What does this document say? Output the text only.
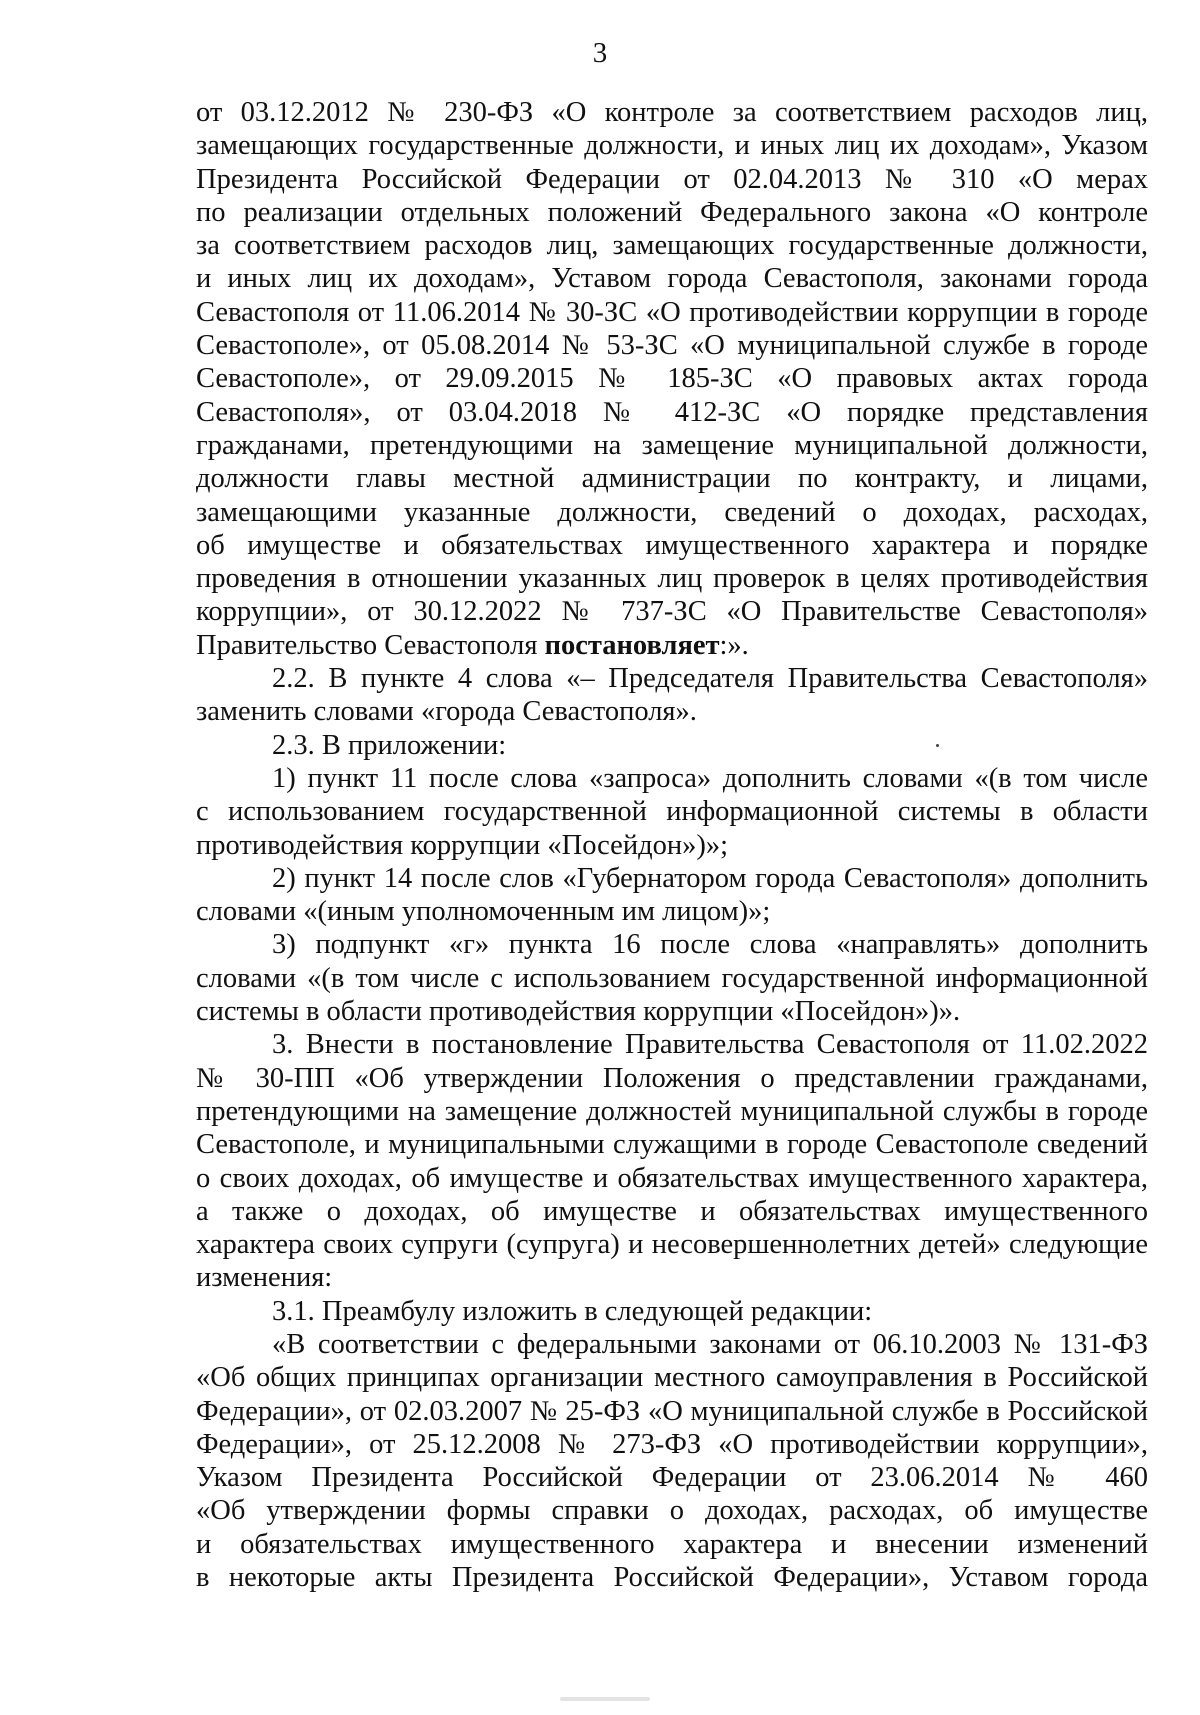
3
от 03.12.2012 № 230-ФЗ «О контроле за соответствием расходов лиц,
замещающих государственные должности, и иных лиц их доходам», Указом
Президента Российской Федерации от 02.04.2013 № 310 «О мерах
по реализации отдельных положений Федерального закона «О контроле
за соответствием расходов лиц, замещающих государственные должности,
и иных лиц их доходам», Уставом города Севастополя, законами города
Севастополя от 11.06.2014 № 30-ЗС «О противодействии коррупции в городе
Севастополе», от 05.08.2014 № 53-ЗС «О муниципальной службе в городе
Севастополе», от 29.09.2015 № 185-ЗС «О правовых актах города
Севастополя», от 03.04.2018 № 412-ЗС «О порядке представления
гражданами, претендующими на замещение муниципальной должности,
должности главы местной администрации по контракту, и лицами,
замещающими указанные должности, сведений о доходах, расходах,
об имуществе и обязательствах имущественного характера и порядке
проведения в отношении указанных лиц проверок в целях противодействия
коррупции», от 30.12.2022 № 737-ЗС «О Правительстве Севастополя»
Правительство Севастополя постановляет:».
2.2. В пункте 4 слова «– Председателя Правительства Севастополя»
заменить словами «города Севастополя».
2.3. В приложении:
1) пункт 11 после слова «запроса» дополнить словами «(в том числе
с использованием государственной информационной системы в области
противодействия коррупции «Посейдон»)»;
2) пункт 14 после слов «Губернатором города Севастополя» дополнить
словами «(иным уполномоченным им лицом)»;
3) подпункт «г» пункта 16 после слова «направлять» дополнить
словами «(в том числе с использованием государственной информационной
системы в области противодействия коррупции «Посейдон»)».
3. Внести в постановление Правительства Севастополя от 11.02.2022
№ 30-ПП «Об утверждении Положения о представлении гражданами,
претендующими на замещение должностей муниципальной службы в городе
Севастополе, и муниципальными служащими в городе Севастополе сведений
о своих доходах, об имуществе и обязательствах имущественного характера,
а также о доходах, об имуществе и обязательствах имущественного
характера своих супруги (супруга) и несовершеннолетних детей» следующие
изменения:
3.1. Преамбулу изложить в следующей редакции:
«В соответствии с федеральными законами от 06.10.2003 № 131-ФЗ
«Об общих принципах организации местного самоуправления в Российской
Федерации», от 02.03.2007 № 25-ФЗ «О муниципальной службе в Российской
Федерации», от 25.12.2008 № 273-ФЗ «О противодействии коррупции»,
Указом Президента Российской Федерации от 23.06.2014 № 460
«Об утверждении формы справки о доходах, расходах, об имуществе
и обязательствах имущественного характера и внесении изменений
в некоторые акты Президента Российской Федерации», Уставом города
